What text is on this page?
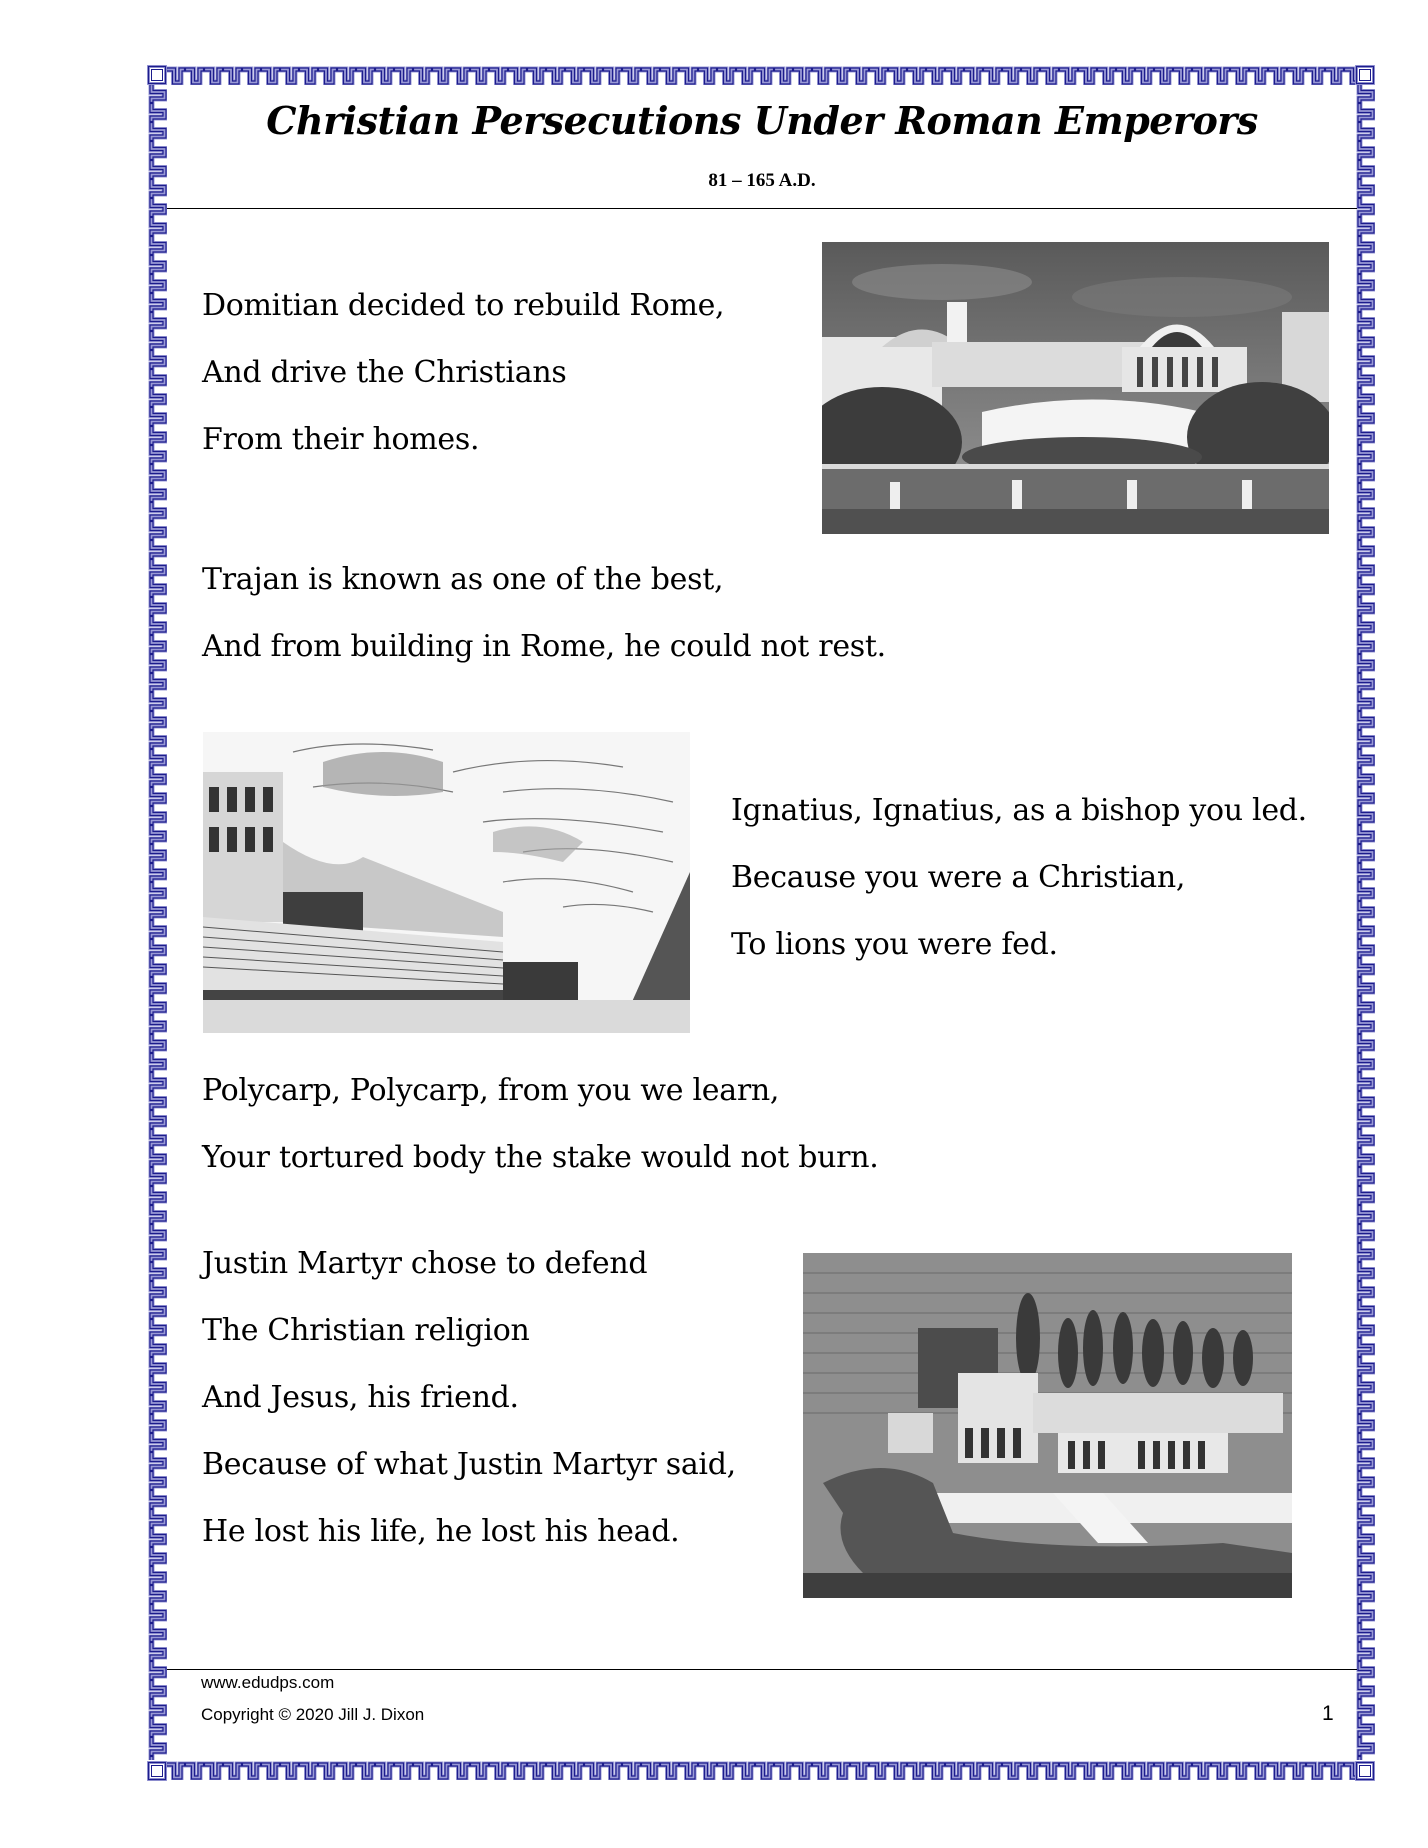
Christian Persecutions Under Roman Emperors
81 – 165 A.D.
Domitian decided to rebuild Rome,
And drive the Christians
From their homes.
Trajan is known as one of the best,
And from building in Rome, he could not rest.
Ignatius, Ignatius, as a bishop you led.
Because you were a Christian,
To lions you were fed.
Polycarp, Polycarp, from you we learn,
Your tortured body the stake would not burn.
Justin Martyr chose to defend
The Christian religion
And Jesus, his friend.
Because of what Justin Martyr said,
He lost his life, he lost his head.
www.edudps.com
Copyright © 2020 Jill J. Dixon	1
